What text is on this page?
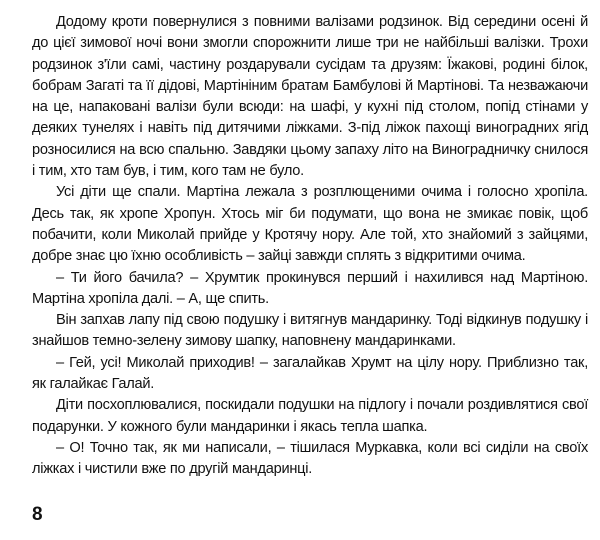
Додому кроти повернулися з повними валізами родзинок. Від середини осені й до цієї зимової ночі вони змогли спорожнити лише три не найбільші валізки. Трохи родзинок з'їли самі, частину роздарували сусідам та друзям: Їжакові, родині білок, бобрам Загаті та її дідові, Мартініним братам Бамбулові й Мартінові. Та незважаючи на це, напаковані валізи були всюди: на шафі, у кухні під столом, попід стінами у деяких тунелях і навіть під дитячими ліжками. З-під ліжок пахощі виноградних ягід розносилися на всю спальню. Завдяки цьому запаху літо на Виноградничку снилося і тим, хто там був, і тим, кого там не було.

Усі діти ще спали. Мартіна лежала з розплющеними очима і голосно хропіла. Десь так, як хропе Хропун. Хтось міг би подумати, що вона не змикає повік, щоб побачити, коли Миколай прийде у Кротячу нору. Але той, хто знайомий з зайцями, добре знає цю їхню особливість – зайці завжди сплять з відкритими очима.

– Ти його бачила? – Хрумтик прокинувся перший і нахилився над Мартіною. Мартіна хропіла далі. – А, ще спить.

Він запхав лапу під свою подушку і витягнув мандаринку. Тоді відкинув подушку і знайшов темно-зелену зимову шапку, наповнену мандаринками.

– Гей, усі! Миколай приходив! – загалайкав Хрумт на цілу нору. Приблизно так, як галайкає Галай.

Діти посхоплювалися, поскидали подушки на підлогу і почали роздивлятися свої подарунки. У кожного були мандаринки і якась тепла шапка.

– О! Точно так, як ми написали, – тішилася Муркавка, коли всі сиділи на своїх ліжках і чистили вже по другій мандаринці.

8
